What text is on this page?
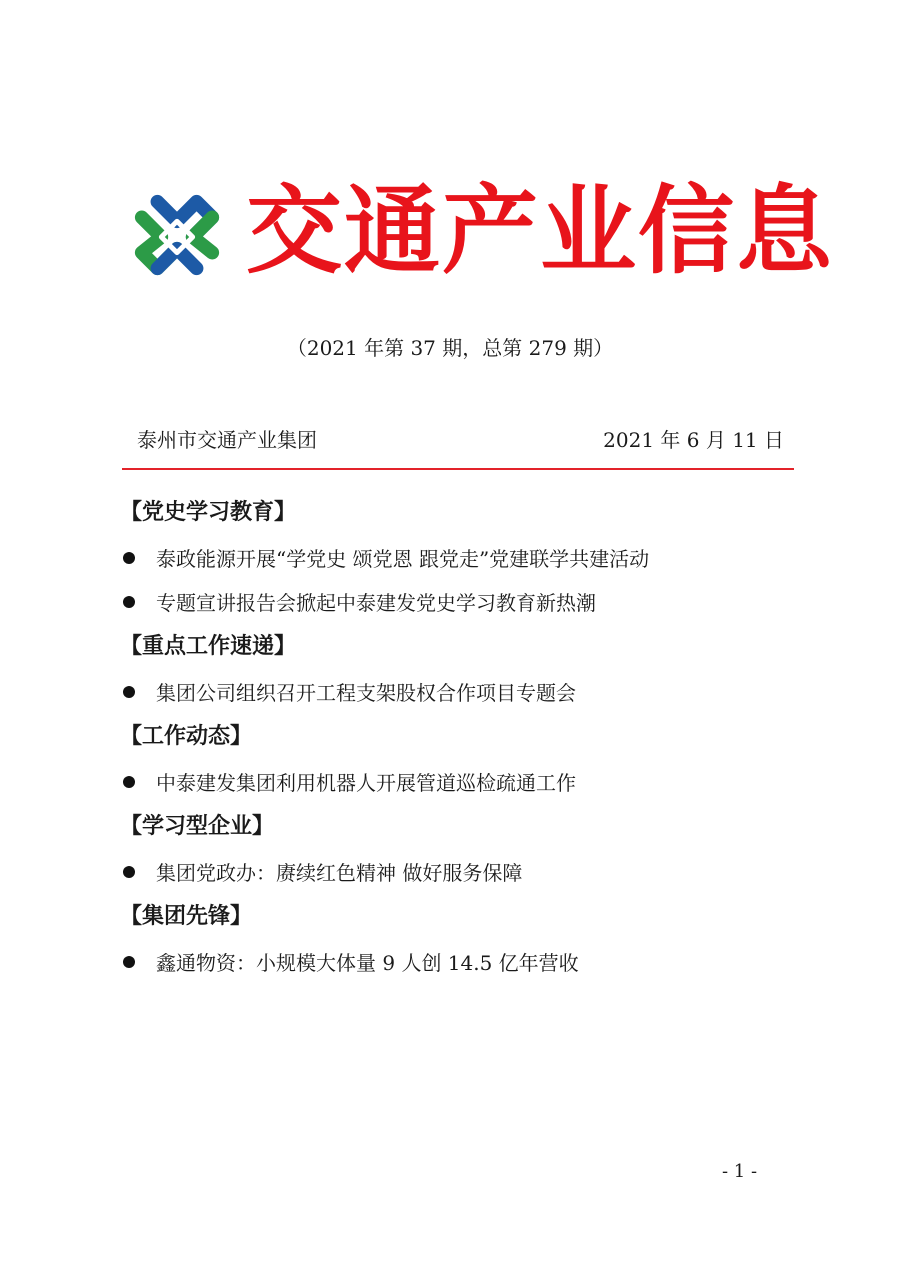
交通产业信息
（2021 年第 37 期，总第 279 期）
泰州市交通产业集团	2021 年 6 月 11 日
【党史学习教育】
泰政能源开展“学党史 颂党恩 跟党走”党建联学共建活动
专题宣讲报告会掀起中泰建发党史学习教育新热潮
【重点工作速递】
集团公司组织召开工程支架股权合作项目专题会
【工作动态】
中泰建发集团利用机器人开展管道巡检疏通工作
【学习型企业】
集团党政办：赓续红色精神 做好服务保障
【集团先锋】
鑫通物资：小规模大体量 9 人创 14.5 亿年营收
- 1 -
